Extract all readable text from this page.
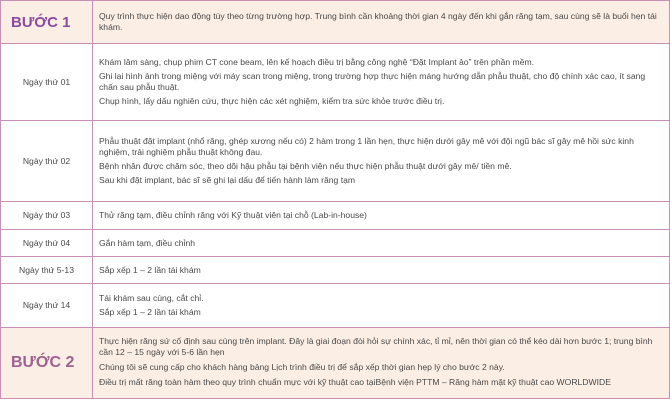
BƯỚC 1	Quy trình thực hiện dao động tùy theo từng trường hợp. Trung bình cần khoảng thời gian 4 ngày đến khi gắn răng tạm, sau cùng sẽ là buổi hẹn tái khám.
Ngày thứ 01	Khám lâm sàng, chụp phim CT cone beam, lên kế hoạch điều trị bằng công nghệ “Đặt Implant ảo” trên phần mềm.

Ghi lại hình ảnh trong miệng với máy scan trong miệng, trong trường hợp thực hiện máng hướng dẫn phẫu thuật, cho độ chính xác cao, ít sang chấn sau phẫu thuật.

Chụp hình, lấy dấu nghiên cứu, thực hiện các xét nghiệm, kiểm tra sức khỏe trước điều trị.

Ngày thứ 02	Phẫu thuật đặt implant (nhổ răng, ghép xương nếu có) 2 hàm trong 1 lần hẹn, thực hiện dưới gây mê với đội ngũ bác sĩ gây mê hồi sức kinh nghiệm, trải nghiệm phẫu thuật không đau.

Bệnh nhân được chăm sóc, theo dõi hậu phẫu tại bệnh viện nếu thực hiện phẫu thuật dưới gây mê/ tiền mê.

Sau khi đặt implant, bác sĩ sẽ ghi lại dấu để tiến hành làm răng tạm

Ngày thứ 03	Thử răng tạm, điều chỉnh răng với Kỹ thuật viên tại chỗ (Lab-in-house)

Ngày thứ 04	Gắn hàm tạm, điều chỉnh

Ngày thứ 5-13	Sắp xếp 1 – 2 lần tái khám

Ngày thứ 14	Tái khám sau cùng, cắt chỉ.

Sắp xếp 1 – 2 lần tái khám

BƯỚC 2	Thực hiện răng sứ cố định sau cùng trên implant. Đây là giai đoạn đòi hỏi sự chính xác, tỉ mỉ, nên thời gian có thể kéo dài hơn bước 1; trung bình cần 12 – 15 ngày với 5-6 lần hẹn

Chúng tôi sẽ cung cấp cho khách hàng bảng Lịch trình điều trị để sắp xếp thời gian hẹp lý cho bước 2 này.

Điều trị mất răng toàn hàm theo quy trình chuẩn mực với kỹ thuật cao tạiBệnh viện PTTM – Răng hàm mặt kỹ thuật cao WORLDWIDE
